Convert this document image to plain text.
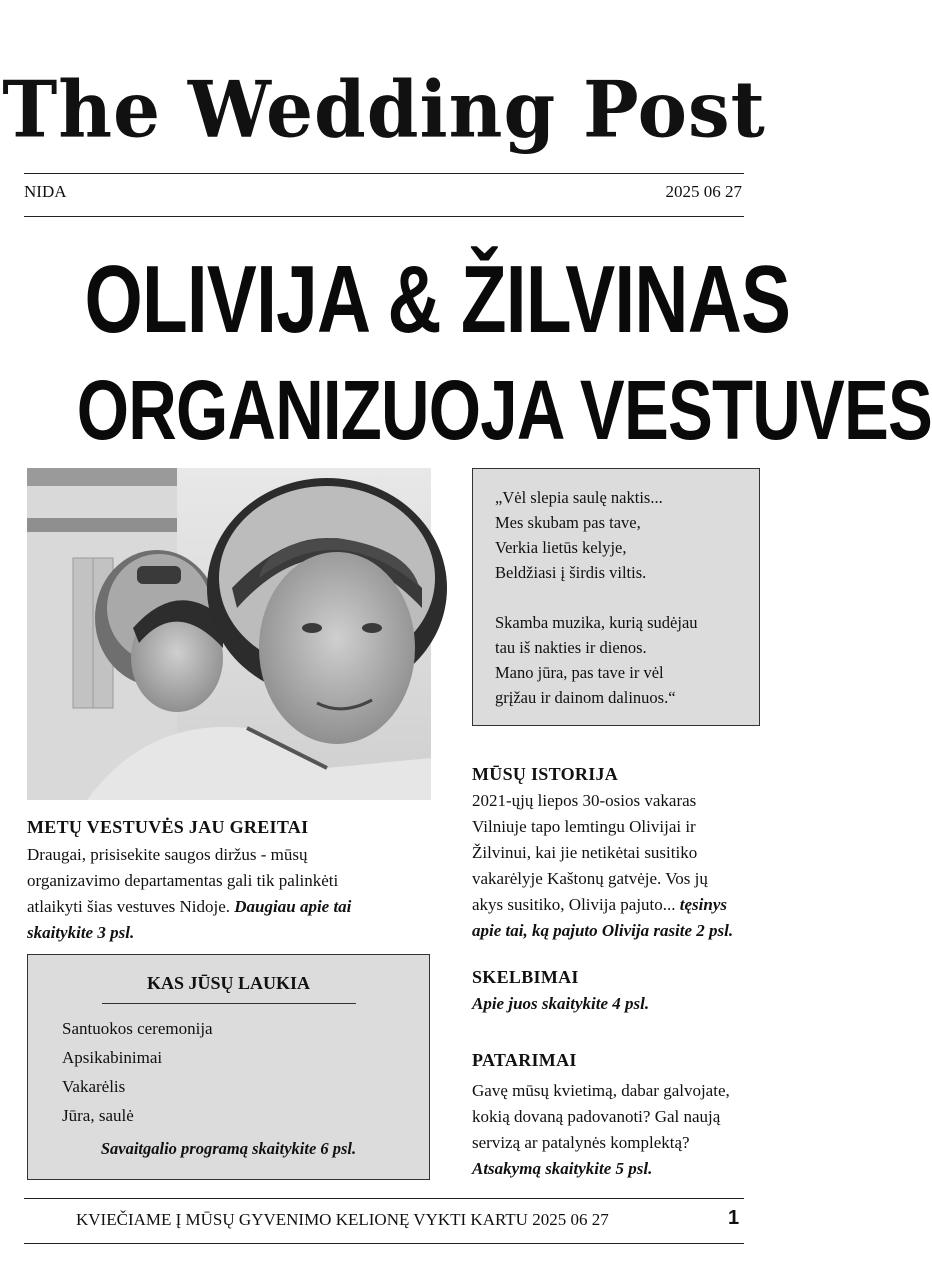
The Wedding Post
NIDA	2025 06 27
OLIVIJA & ŽILVINAS
ORGANIZUOJA VESTUVES
METŲ VESTUVĖS JAU GREITAI
Draugai, prisisekite saugos diržus - mūsų
organizavimo departamentas gali tik palinkėti
atlaikyti šias vestuves Nidoje. Daugiau apie tai
skaitykite 3 psl.
KAS JŪSŲ LAUKIA
Santuokos ceremonija
Apsikabinimai
Vakarėlis
Jūra, saulė
Savaitgalio programą skaitykite 6 psl.
„Vėl slepia saulę naktis...
Mes skubam pas tave,
Verkia lietūs kelyje,
Beldžiasi į širdis viltis.
Skamba muzika, kurią sudėjau
tau iš nakties ir dienos.
Mano jūra, pas tave ir vėl
grįžau ir dainom dalinuos.“
MŪSŲ ISTORIJA
2021-ųjų liepos 30-osios vakaras
Vilniuje tapo lemtingu Olivijai ir
Žilvinui, kai jie netikėtai susitiko
vakarėlyje Kaštonų gatvėje. Vos jų
akys susitiko, Olivija pajuto... tęsinys
apie tai, ką pajuto Olivija rasite 2 psl.
SKELBIMAI
Apie juos skaitykite 4 psl.
PATARIMAI
Gavę mūsų kvietimą, dabar galvojate,
kokią dovaną padovanoti? Gal naują
servizą ar patalynės komplektą?
Atsakymą skaitykite 5 psl.
KVIEČIAME Į MŪSŲ GYVENIMO KELIONĘ VYKTI KARTU 2025 06 27	1
